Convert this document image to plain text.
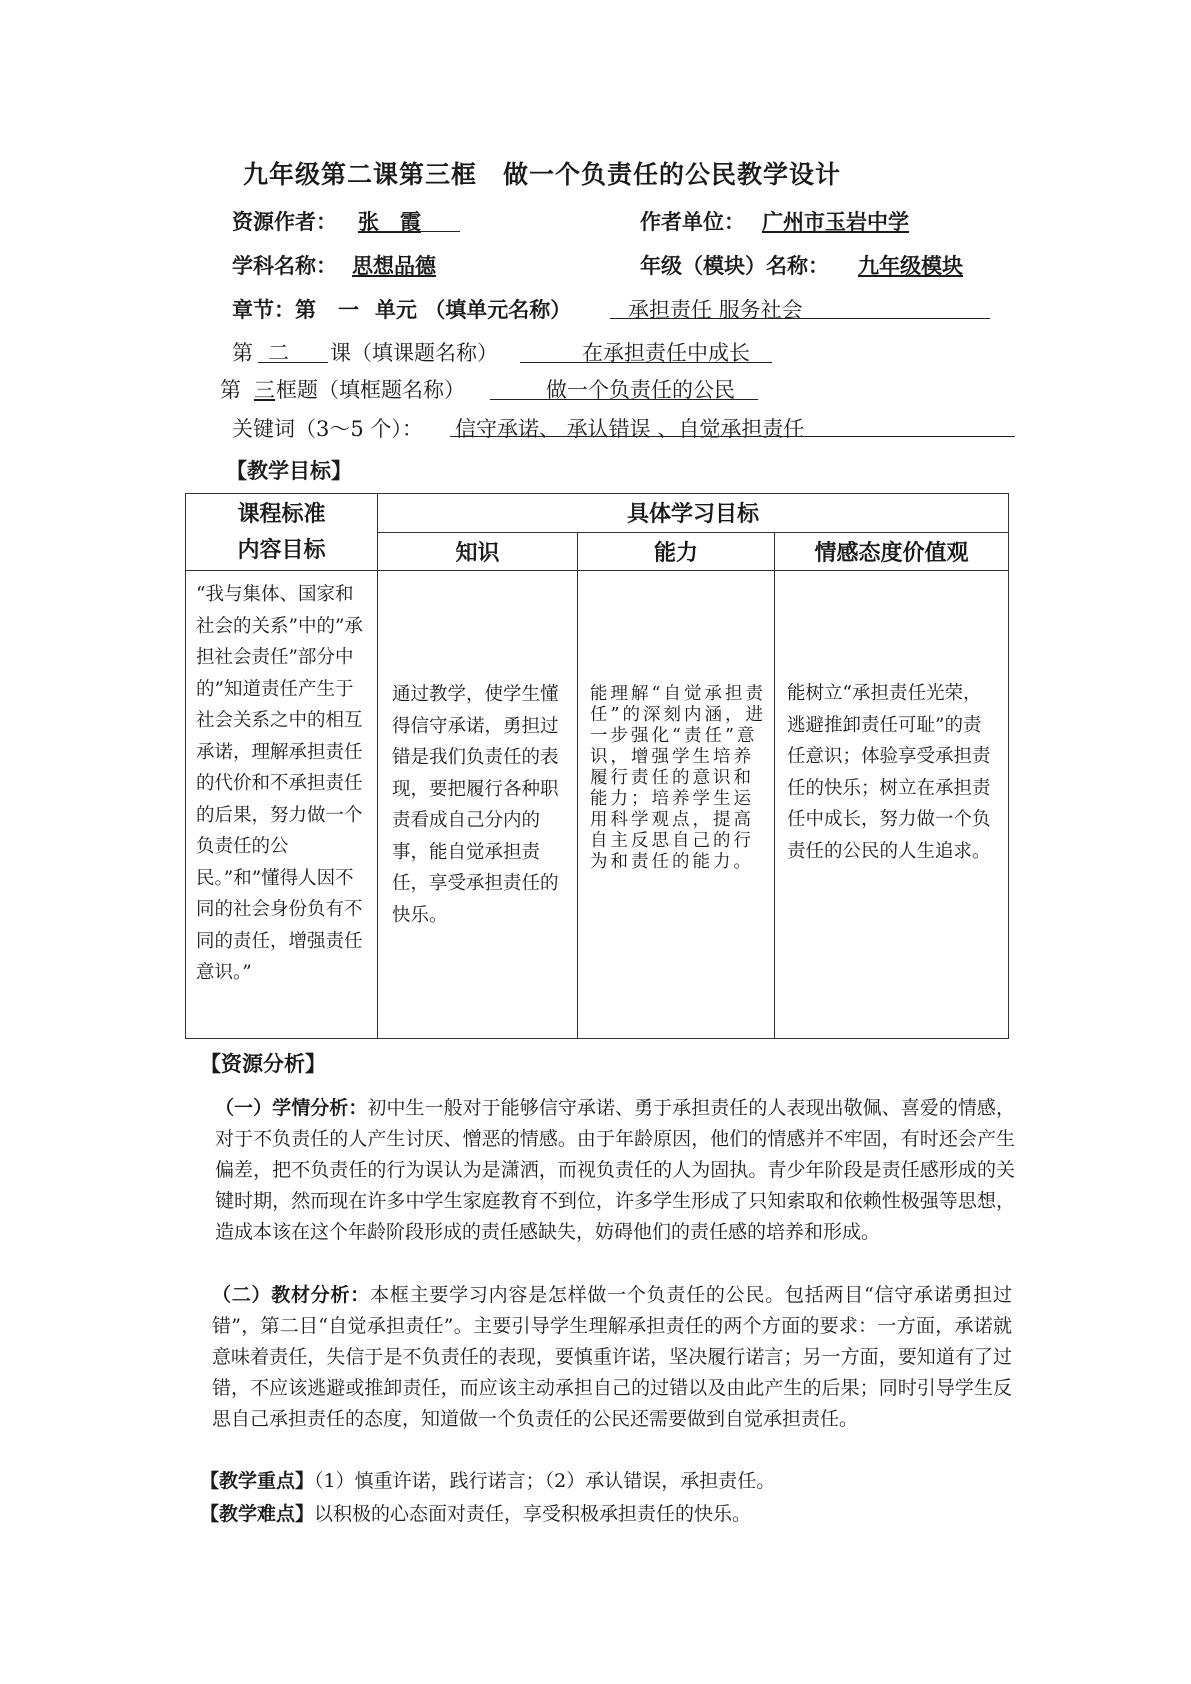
九年级第二课第三框　做一个负责任的公民教学设计
资源作者： 张　霞	作者单位： 广州市玉岩中学
学科名称： 思想品德	年级（模块）名称： 九年级模块
章节：第 一 单元 （填单元名称）	承担责任 服务社会
第 二 课（填课题名称）	在承担责任中成长
第 三 框题（填框题名称）	做一个负责任的公民
关键词（3～5 个）： 信守承诺、 承认错误 、自觉承担责任
【教学目标】
课程标准
内容目标	具体学习目标		
	知识	能力	情感态度价值观

“我与集体、国家和社会的关系”中的”承担社会责任”部分中的”知道责任产生于社会关系之中的相互承诺，理解承担责任的代价和不承担责任的后果，努力做一个负责任的公民。”和”懂得人因不同的社会身份负有不同的责任，增强责任意识。”	通过教学，使学生懂得信守承诺，勇担过错是我们负责任的表现，要把履行各种职责看成自己分内的事，能自觉承担责任，享受承担责任的快乐。	能理解“自觉承担责任”的深刻内涵，进一步强化“责任”意识，增强学生培养履行责任的意识和能力；培养学生运用科学观点，提高自主反思自己的行为和责任的能力。	能树立“承担责任光荣，逃避推卸责任可耻”的责任意识；体验享受承担责任的快乐；树立在承担责任中成长，努力做一个负责任的公民的人生追求。
【资源分析】
（一）学情分析：初中生一般对于能够信守承诺、勇于承担责任的人表现出敬佩、喜爱的情感，对于不负责任的人产生讨厌、憎恶的情感。由于年龄原因，他们的情感并不牢固，有时还会产生偏差，把不负责任的行为误认为是潇洒，而视负责任的人为固执。青少年阶段是责任感形成的关键时期，然而现在许多中学生家庭教育不到位，许多学生形成了只知索取和依赖性极强等思想，造成本该在这个年龄阶段形成的责任感缺失，妨碍他们的责任感的培养和形成。
（二）教材分析：本框主要学习内容是怎样做一个负责任的公民。包括两目“信守承诺勇担过错”，第二目“自觉承担责任”。主要引导学生理解承担责任的两个方面的要求：一方面，承诺就意味着责任，失信于是不负责任的表现，要慎重许诺，坚决履行诺言；另一方面，要知道有了过错，不应该逃避或推卸责任，而应该主动承担自己的过错以及由此产生的后果；同时引导学生反思自己承担责任的态度，知道做一个负责任的公民还需要做到自觉承担责任。
【教学重点】（1）慎重许诺，践行诺言；（2）承认错误，承担责任。
【教学难点】以积极的心态面对责任，享受积极承担责任的快乐。
